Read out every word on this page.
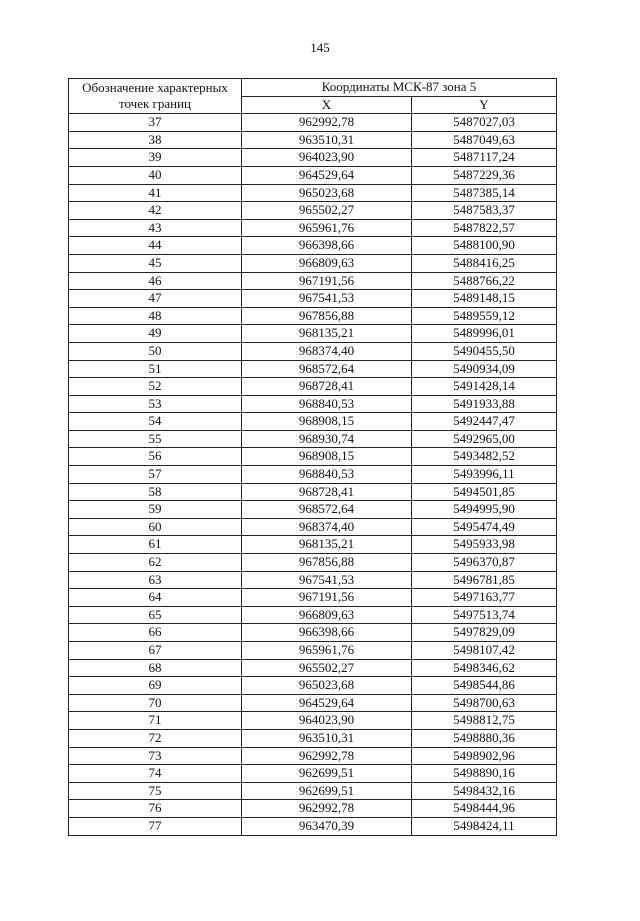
145
Обозначение характерных точек границ	Координаты МСК-87 зона 5	
	X	Y
37	962992,78	5487027,03
38	963510,31	5487049,63
39	964023,90	5487117,24
40	964529,64	5487229,36
41	965023,68	5487385,14
42	965502,27	5487583,37
43	965961,76	5487822,57
44	966398,66	5488100,90
45	966809,63	5488416,25
46	967191,56	5488766,22
47	967541,53	5489148,15
48	967856,88	5489559,12
49	968135,21	5489996,01
50	968374,40	5490455,50
51	968572,64	5490934,09
52	968728,41	5491428,14
53	968840,53	5491933,88
54	968908,15	5492447,47
55	968930,74	5492965,00
56	968908,15	5493482,52
57	968840,53	5493996,11
58	968728,41	5494501,85
59	968572,64	5494995,90
60	968374,40	5495474,49
61	968135,21	5495933,98
62	967856,88	5496370,87
63	967541,53	5496781,85
64	967191,56	5497163,77
65	966809,63	5497513,74
66	966398,66	5497829,09
67	965961,76	5498107,42
68	965502,27	5498346,62
69	965023,68	5498544,86
70	964529,64	5498700,63
71	964023,90	5498812,75
72	963510,31	5498880,36
73	962992,78	5498902,96
74	962699,51	5498890,16
75	962699,51	5498432,16
76	962992,78	5498444,96
77	963470,39	5498424,11
